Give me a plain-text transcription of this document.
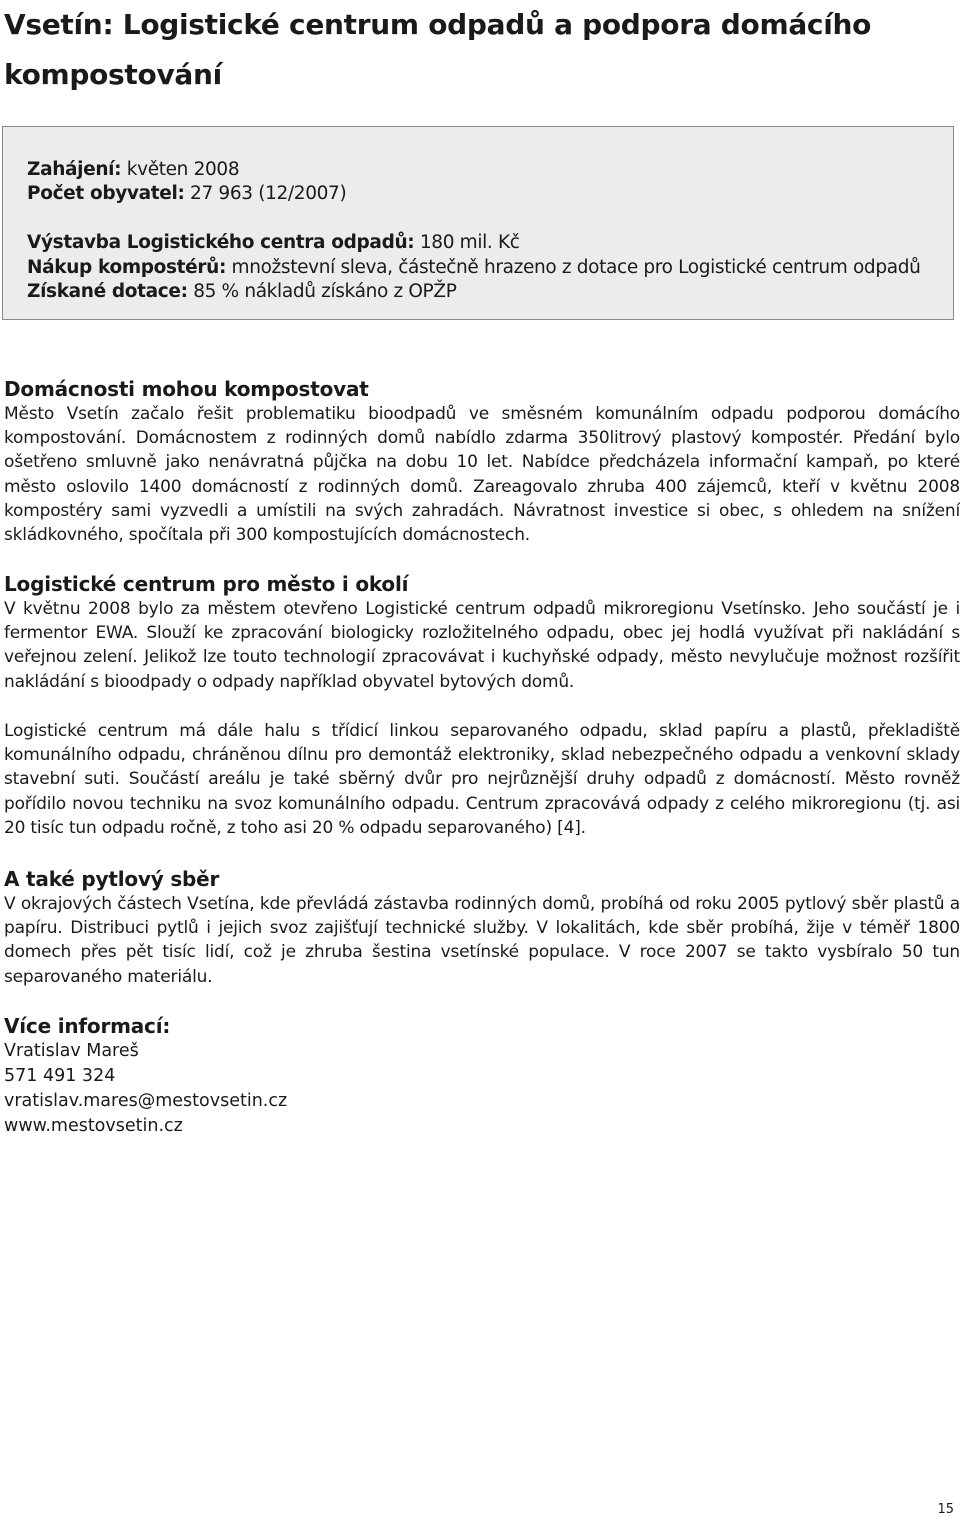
Vsetín: Logistické centrum odpadů a podpora domácího kompostování
Zahájení: květen 2008
Počet obyvatel: 27 963 (12/2007)
Výstavba Logistického centra odpadů: 180 mil. Kč
Nákup kompostérů: množstevní sleva, částečně hrazeno z dotace pro Logistické centrum odpadů
Získané dotace: 85 % nákladů získáno z OPŽP
Domácnosti mohou kompostovat

Město Vsetín začalo řešit problematiku bioodpadů ve směsném komunálním odpadu podporou domácího kompostování. Domácnostem z rodinných domů nabídlo zdarma 350litrový plastový kompostér. Předání bylo ošetřeno smluvně jako nenávratná půjčka na dobu 10 let. Nabídce předcházela informační kampaň, po které město oslovilo 1400 domácností z rodinných domů. Zareagovalo zhruba 400 zájemců, kteří v květnu 2008 kompostéry sami vyzvedli a umístili na svých zahradách. Návratnost investice si obec, s ohledem na snížení skládkovného, spočítala při 300 kompostujících domácnostech.

Logistické centrum pro město i okolí

V květnu 2008 bylo za městem otevřeno Logistické centrum odpadů mikroregionu Vsetínsko. Jeho součástí je i fermentor EWA. Slouží ke zpracování biologicky rozložitelného odpadu, obec jej hodlá využívat při nakládání s veřejnou zelení. Jelikož lze touto technologií zpracovávat i kuchyňské odpady, město nevylučuje možnost rozšířit nakládání s bioodpady o odpady například obyvatel bytových domů.

Logistické centrum má dále halu s třídicí linkou separovaného odpadu, sklad papíru a plastů, překladiště komunálního odpadu, chráněnou dílnu pro demontáž elektroniky, sklad nebezpečného odpadu a venkovní sklady stavební suti. Součástí areálu je také sběrný dvůr pro nejrůznější druhy odpadů z domácností. Město rovněž pořídilo novou techniku na svoz komunálního odpadu. Centrum zpracovává odpady z celého mikroregionu (tj. asi 20 tisíc tun odpadu ročně, z toho asi 20 % odpadu separovaného) [4].

A také pytlový sběr

V okrajových částech Vsetína, kde převládá zástavba rodinných domů, probíhá od roku 2005 pytlový sběr plastů a papíru. Distribuci pytlů i jejich svoz zajišťují technické služby. V lokalitách, kde sběr probíhá, žije v téměř 1800 domech přes pět tisíc lidí, což je zhruba šestina vsetínské populace. V roce 2007 se takto vysbíralo 50 tun separovaného materiálu.

Více informací:
Vratislav Mareš
571 491 324
vratislav.mares@mestovsetin.cz
www.mestovsetin.cz
15
